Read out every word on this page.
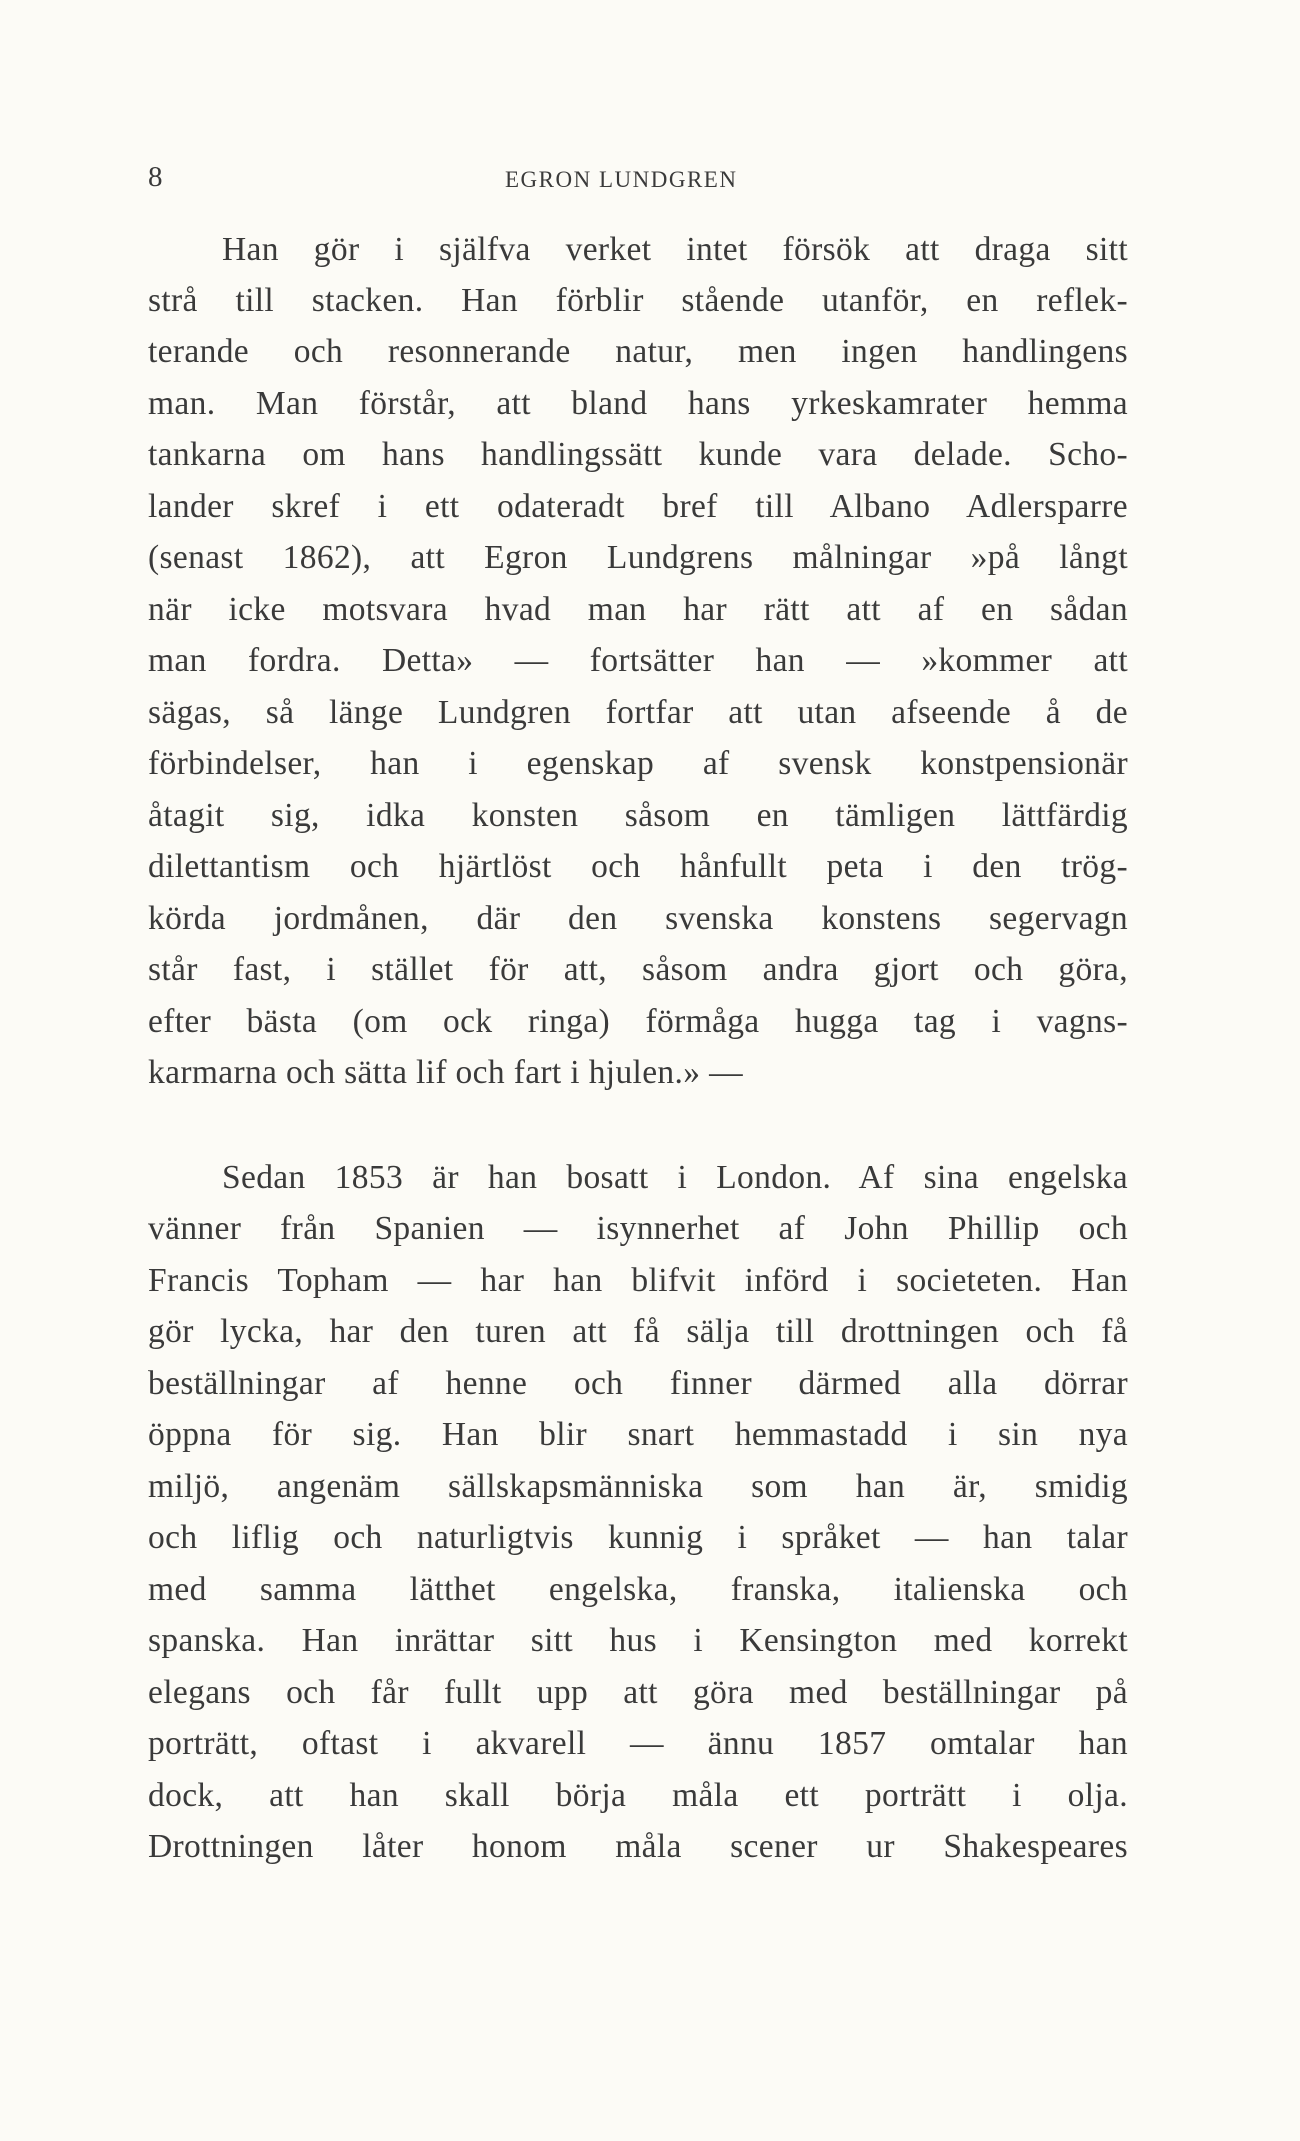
8	EGRON LUNDGREN
Han gör i själfva verket intet försök att draga sitt
strå till stacken. Han förblir stående utanför, en reflek-
terande och resonnerande natur, men ingen handlingens
man. Man förstår, att bland hans yrkeskamrater hemma
tankarna om hans handlingssätt kunde vara delade. Scho-
lander skref i ett odateradt bref till Albano Adlersparre
(senast 1862), att Egron Lundgrens målningar »på långt
när icke motsvara hvad man har rätt att af en sådan
man fordra. Detta» — fortsätter han — »kommer att
sägas, så länge Lundgren fortfar att utan afseende å de
förbindelser, han i egenskap af svensk konstpensionär
åtagit sig, idka konsten såsom en tämligen lättfärdig
dilettantism och hjärtlöst och hånfullt peta i den trög-
körda jordmånen, där den svenska konstens segervagn
står fast, i stället för att, såsom andra gjort och göra,
efter bästa (om ock ringa) förmåga hugga tag i vagns-
karmarna och sätta lif och fart i hjulen.» —
Sedan 1853 är han bosatt i London. Af sina engelska
vänner från Spanien — isynnerhet af John Phillip och
Francis Topham — har han blifvit införd i societeten. Han
gör lycka, har den turen att få sälja till drottningen och få
beställningar af henne och finner därmed alla dörrar
öppna för sig. Han blir snart hemmastadd i sin nya
miljö, angenäm sällskapsmänniska som han är, smidig
och liflig och naturligtvis kunnig i språket — han talar
med samma lätthet engelska, franska, italienska och
spanska. Han inrättar sitt hus i Kensington med korrekt
elegans och får fullt upp att göra med beställningar på
porträtt, oftast i akvarell — ännu 1857 omtalar han
dock, att han skall börja måla ett porträtt i olja.
Drottningen låter honom måla scener ur Shakespeares
